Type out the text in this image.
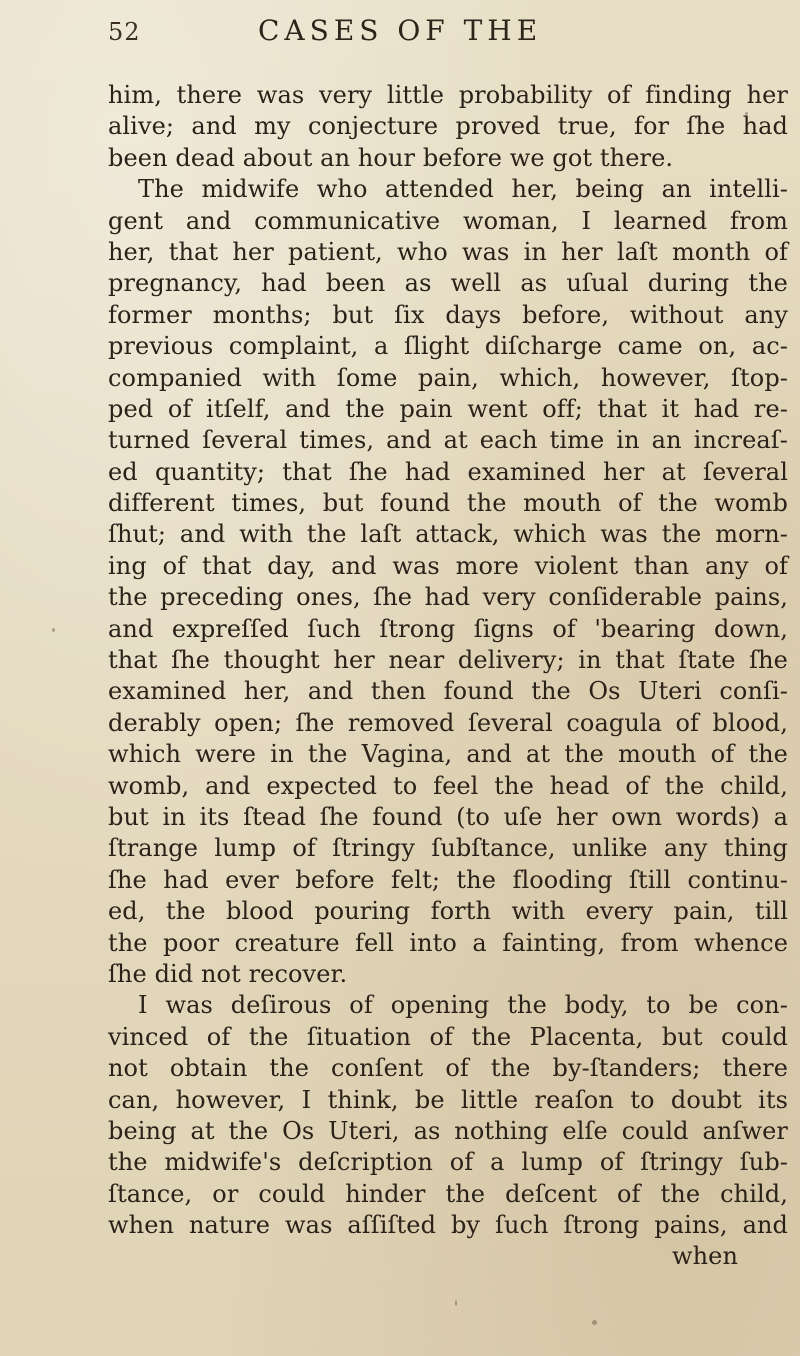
52	CASES OF THE
him, there was very little probability of finding her
alive; and my conjecture proved true, for ſhe had
been dead about an hour before we got there.
The midwife who attended her, being an intelli-
gent and communicative woman, I learned from
her, that her patient, who was in her laſt month of
pregnancy, had been as well as uſual during the
former months; but ſix days before, without any
previous complaint, a ſlight diſcharge came on, ac-
companied with ſome pain, which, however, ſtop-
ped of itſelf, and the pain went off; that it had re-
turned ſeveral times, and at each time in an increaſ-
ed quantity; that ſhe had examined her at ſeveral
different times, but found the mouth of the womb
ſhut; and with the laſt attack, which was the morn-
ing of that day, and was more violent than any of
the preceding ones, ſhe had very conſiderable pains,
and expreſſed ſuch ſtrong ſigns of 'bearing down,
that ſhe thought her near delivery; in that ſtate ſhe
examined her, and then found the Os Uteri conſi-
derably open; ſhe removed ſeveral coagula of blood,
which were in the Vagina, and at the mouth of the
womb, and expected to feel the head of the child,
but in its ſtead ſhe found (to uſe her own words) a
ſtrange lump of ſtringy ſubſtance, unlike any thing
ſhe had ever before felt; the flooding ſtill continu-
ed, the blood pouring forth with every pain, till
the poor creature fell into a fainting, from whence
ſhe did not recover.
I was deſirous of opening the body, to be con-
vinced of the ſituation of the Placenta, but could
not obtain the conſent of the by-ſtanders; there
can, however, I think, be little reaſon to doubt its
being at the Os Uteri, as nothing elſe could anſwer
the midwife's deſcription of a lump of ſtringy ſub-
ſtance, or could hinder the deſcent of the child,
when nature was aſſiſted by ſuch ſtrong pains, and
when
